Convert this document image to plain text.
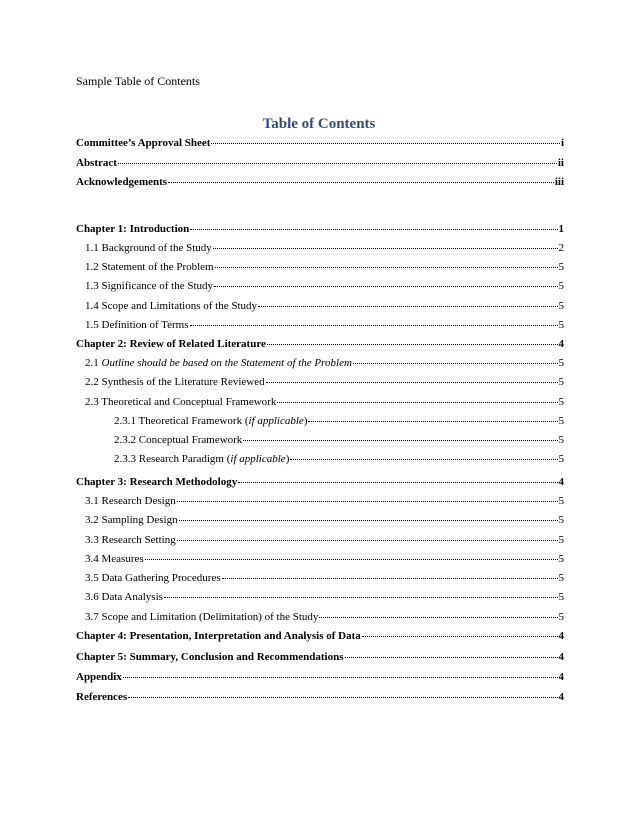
Sample Table of Contents
Table of Contents
Committee’s Approval Sheet	i
Abstract	ii
Acknowledgements	iii
Chapter 1: Introduction	1
1.1 Background of the Study	2
1.2 Statement of the Problem	5
1.3 Significance of the Study	5
1.4 Scope and Limitations of the Study	5
1.5 Definition of Terms	5
Chapter 2: Review of Related Literature	4
2.1 Outline should be based on the Statement of the Problem	5
2.2 Synthesis of the Literature Reviewed	5
2.3 Theoretical and Conceptual Framework	5
2.3.1 Theoretical Framework (if applicable)	5
2.3.2 Conceptual Framework	5
2.3.3 Research Paradigm (if applicable)	5
Chapter 3: Research Methodology	4
3.1 Research Design	5
3.2 Sampling Design	5
3.3 Research Setting	5
3.4 Measures	5
3.5 Data Gathering Procedures	5
3.6 Data Analysis	5
3.7 Scope and Limitation (Delimitation) of the Study	5
Chapter 4: Presentation, Interpretation and Analysis of Data	4
Chapter 5: Summary, Conclusion and Recommendations	4
Appendix	4
References	4
